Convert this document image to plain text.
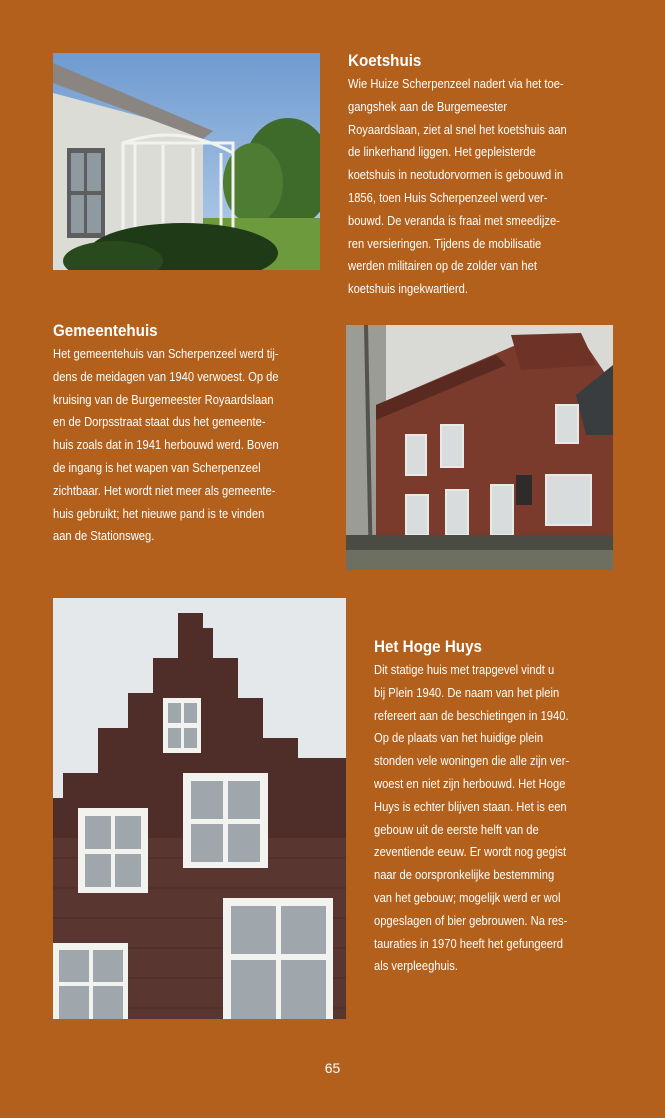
Koetshuis
Wie Huize Scherpenzeel nadert via het toe-
gangshek aan de Burgemeester
Royaardslaan, ziet al snel het koetshuis aan
de linkerhand liggen. Het gepleisterde
koetshuis in neotudorvormen is gebouwd in
1856, toen Huis Scherpenzeel werd ver-
bouwd. De veranda is fraai met smeedijze-
ren versieringen. Tijdens de mobilisatie
werden militairen op de zolder van het
koetshuis ingekwartierd.
Gemeentehuis
Het gemeentehuis van Scherpenzeel werd tij-
dens de meidagen van 1940 verwoest. Op de
kruising van de Burgemeester Royaardslaan
en de Dorpsstraat staat dus het gemeente-
huis zoals dat in 1941 herbouwd werd. Boven
de ingang is het wapen van Scherpenzeel
zichtbaar. Het wordt niet meer als gemeente-
huis gebruikt; het nieuwe pand is te vinden
aan de Stationsweg.
Het Hoge Huys
Dit statige huis met trapgevel vindt u
bij Plein 1940. De naam van het plein
refereert aan de beschietingen in 1940.
Op de plaats van het huidige plein
stonden vele woningen die alle zijn ver-
woest en niet zijn herbouwd. Het Hoge
Huys is echter blijven staan. Het is een
gebouw uit de eerste helft van de
zeventiende eeuw. Er wordt nog gegist
naar de oorspronkelijke bestemming
van het gebouw; mogelijk werd er wol
opgeslagen of bier gebrouwen. Na res-
tauraties in 1970 heeft het gefungeerd
als verpleeghuis.
65
